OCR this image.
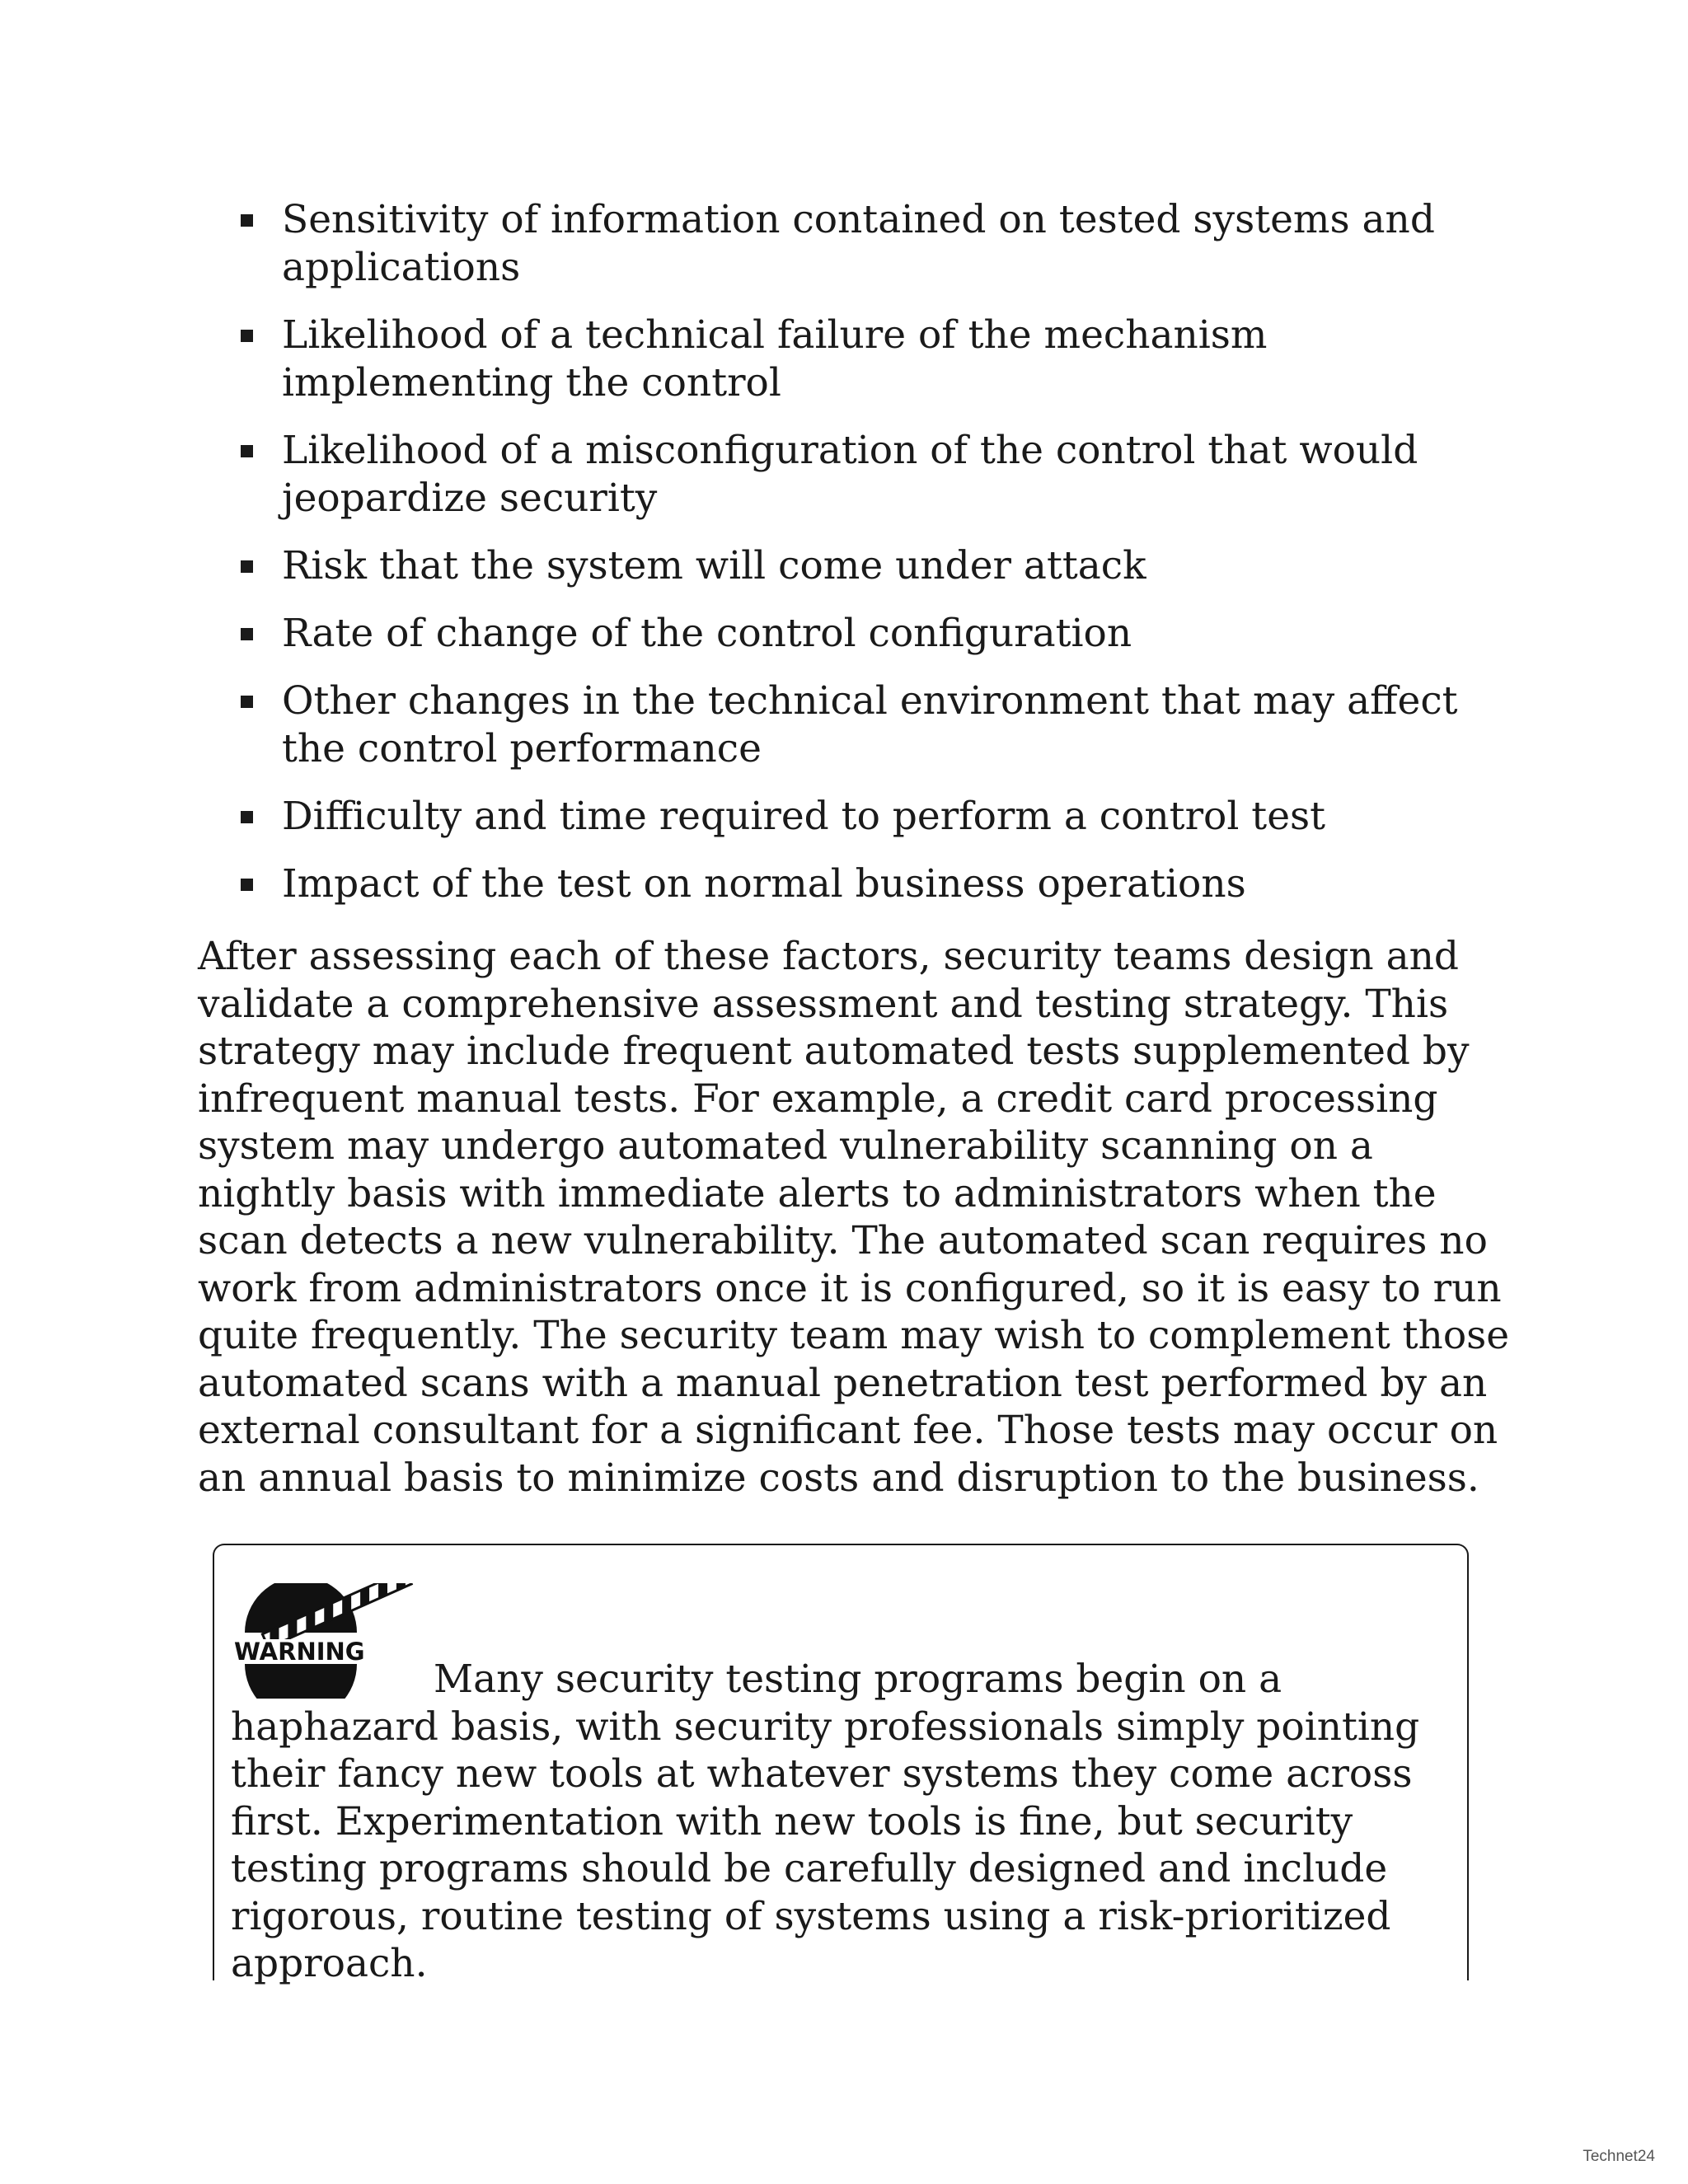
Sensitivity of information contained on tested systems and applications
Likelihood of a technical failure of the mechanism implementing the control
Likelihood of a misconfiguration of the control that would jeopardize security
Risk that the system will come under attack
Rate of change of the control configuration
Other changes in the technical environment that may affect the control performance
Difficulty and time required to perform a control test
Impact of the test on normal business operations

After assessing each of these factors, security teams design and validate a comprehensive assessment and testing strategy. This strategy may include frequent automated tests supplemented by infrequent manual tests. For example, a credit card processing system may undergo automated vulnerability scanning on a nightly basis with immediate alerts to administrators when the scan detects a new vulnerability. The automated scan requires no work from administrators once it is configured, so it is easy to run quite frequently. The security team may wish to complement those automated scans with a manual penetration test performed by an external consultant for a significant fee. Those tests may occur on an annual basis to minimize costs and disruption to the business.

WARNING

Many security testing programs begin on a haphazard basis, with security professionals simply pointing their fancy new tools at whatever systems they come across first. Experimentation with new tools is fine, but security testing programs should be carefully designed and include rigorous, routine testing of systems using a risk-prioritized approach.

Technet24
